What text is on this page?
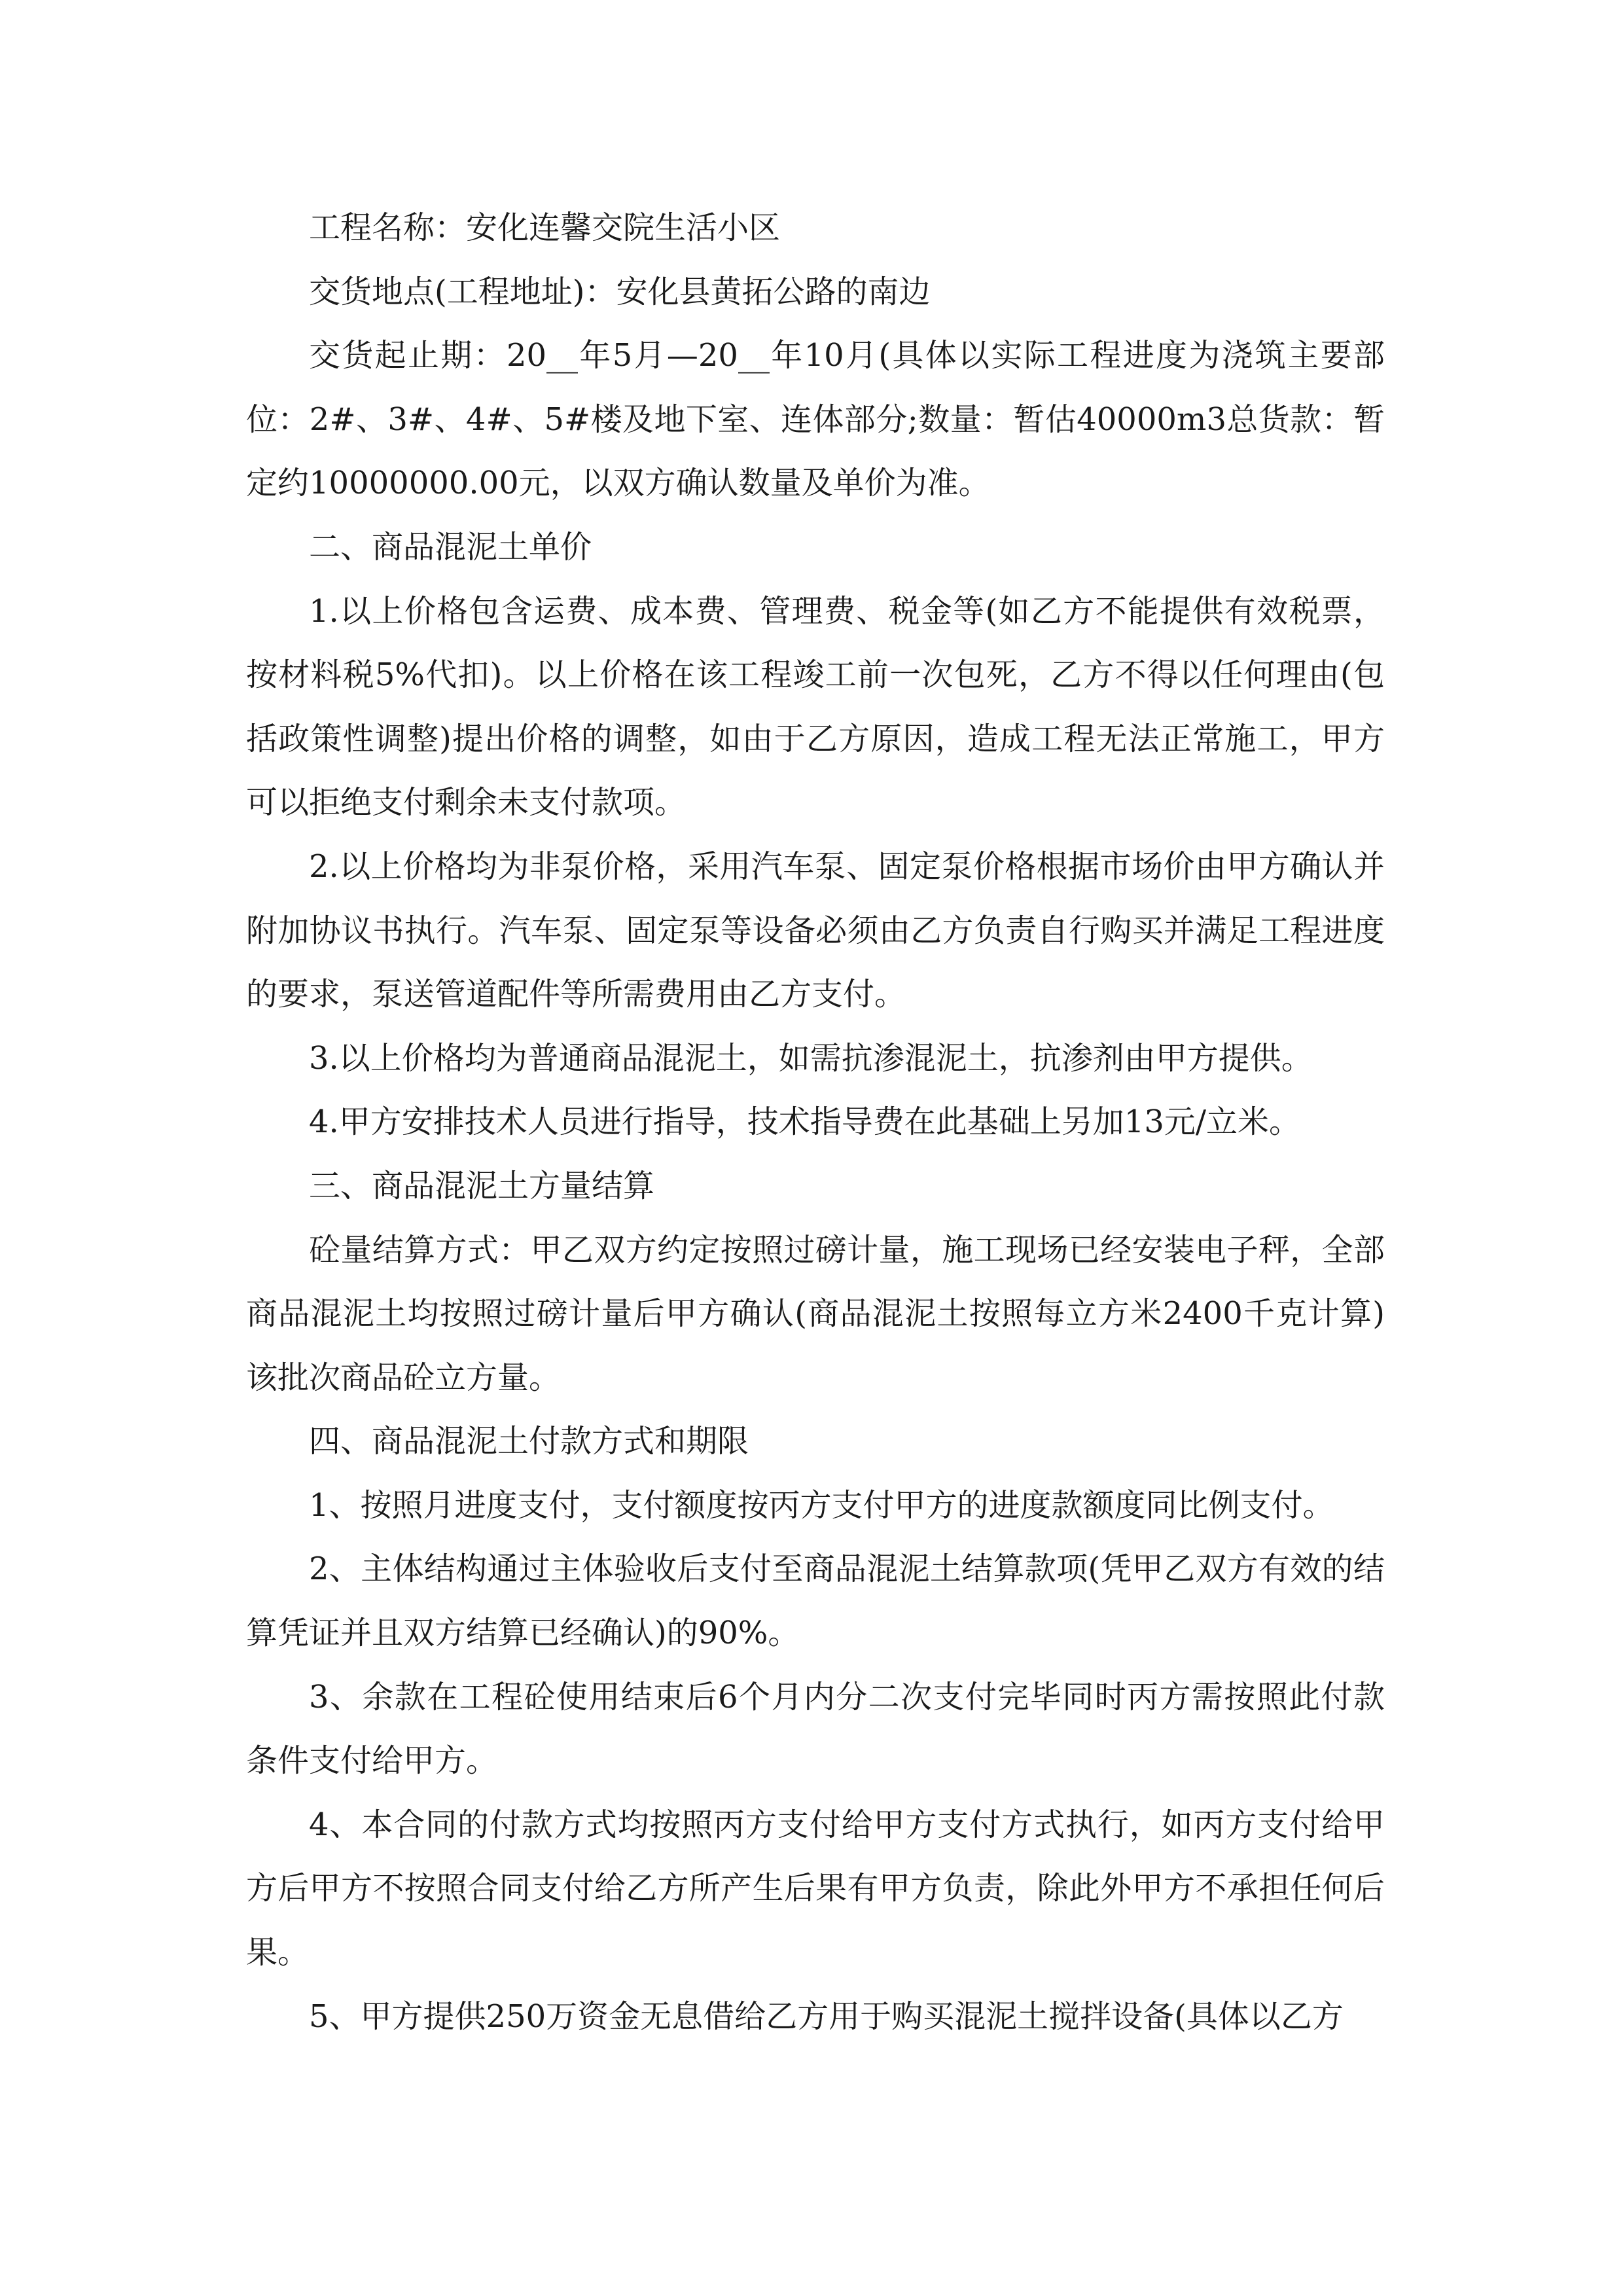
工程名称：安化连馨交院生活小区

交货地点(工程地址)：安化县黄拓公路的南边

交货起止期：20__年5月—20__年10月(具体以实际工程进度为浇筑主要部位：2#、3#、4#、5#楼及地下室、连体部分;数量：暂估40000m3总货款：暂定约10000000.00元，以双方确认数量及单价为准。

二、商品混泥土单价

1.以上价格包含运费、成本费、管理费、税金等(如乙方不能提供有效税票，按材料税5%代扣)。以上价格在该工程竣工前一次包死，乙方不得以任何理由(包括政策性调整)提出价格的调整，如由于乙方原因，造成工程无法正常施工，甲方可以拒绝支付剩余未支付款项。

2.以上价格均为非泵价格，采用汽车泵、固定泵价格根据市场价由甲方确认并附加协议书执行。汽车泵、固定泵等设备必须由乙方负责自行购买并满足工程进度的要求，泵送管道配件等所需费用由乙方支付。

3.以上价格均为普通商品混泥土，如需抗渗混泥土，抗渗剂由甲方提供。

4.甲方安排技术人员进行指导，技术指导费在此基础上另加13元/立米。

三、商品混泥土方量结算

砼量结算方式：甲乙双方约定按照过磅计量，施工现场已经安装电子秤，全部商品混泥土均按照过磅计量后甲方确认(商品混泥土按照每立方米2400千克计算)该批次商品砼立方量。

四、商品混泥土付款方式和期限

1、按照月进度支付，支付额度按丙方支付甲方的进度款额度同比例支付。

2、主体结构通过主体验收后支付至商品混泥土结算款项(凭甲乙双方有效的结算凭证并且双方结算已经确认)的90%。

3、余款在工程砼使用结束后6个月内分二次支付完毕同时丙方需按照此付款条件支付给甲方。

4、本合同的付款方式均按照丙方支付给甲方支付方式执行，如丙方支付给甲方后甲方不按照合同支付给乙方所产生后果有甲方负责，除此外甲方不承担任何后果。

5、甲方提供250万资金无息借给乙方用于购买混泥土搅拌设备(具体以乙方
